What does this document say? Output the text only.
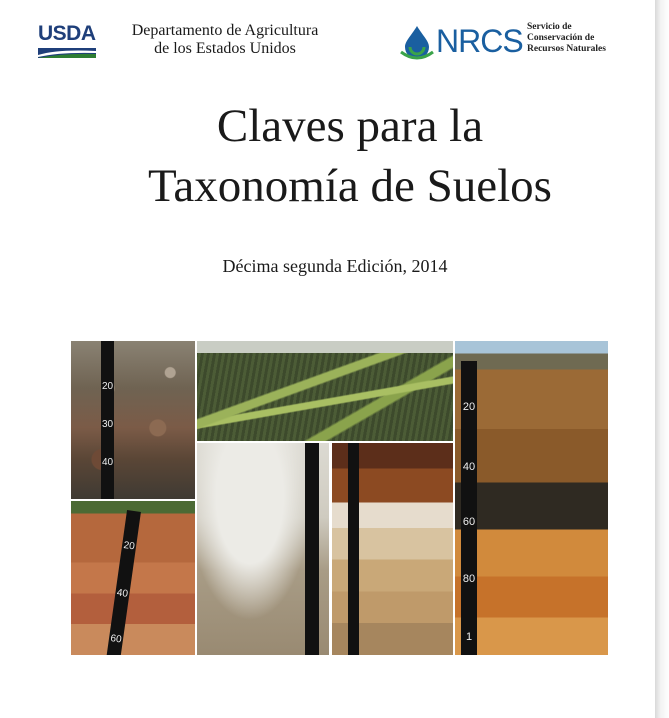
USDA	Departamento de Agricultura
de los Estados Unidos	NRCS Servicio de
Conservación de
Recursos Naturales
Claves para la
Taxonomía de Suelos
Décima segunda Edición, 2014
20
30
40
20
40
60
80
1
20
40
60
